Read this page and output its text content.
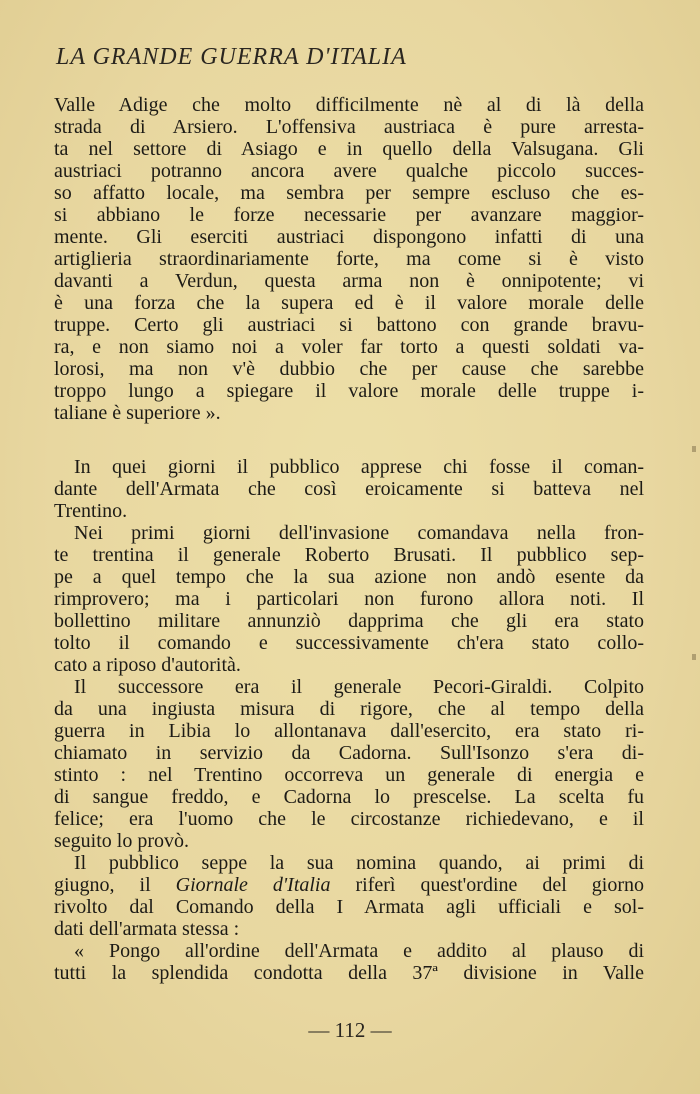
LA GRANDE GUERRA D'ITALIA
Valle Adige che molto difficilmente nè al di là della
strada di Arsiero. L'offensiva austriaca è pure arresta-
ta nel settore di Asiago e in quello della Valsugana. Gli
austriaci potranno ancora avere qualche piccolo succes-
so affatto locale, ma sembra per sempre escluso che es-
si abbiano le forze necessarie per avanzare maggior-
mente. Gli eserciti austriaci dispongono infatti di una
artiglieria straordinariamente forte, ma come si è visto
davanti a Verdun, questa arma non è onnipotente; vi
è una forza che la supera ed è il valore morale delle
truppe. Certo gli austriaci si battono con grande bravu-
ra, e non siamo noi a voler far torto a questi soldati va-
lorosi, ma non v'è dubbio che per cause che sarebbe
troppo lungo a spiegare il valore morale delle truppe i-
taliane è superiore ».
In quei giorni il pubblico apprese chi fosse il coman-
dante dell'Armata che così eroicamente si batteva nel
Trentino.
Nei primi giorni dell'invasione comandava nella fron-
te trentina il generale Roberto Brusati. Il pubblico sep-
pe a quel tempo che la sua azione non andò esente da
rimprovero; ma i particolari non furono allora noti. Il
bollettino militare annunziò dapprima che gli era stato
tolto il comando e successivamente ch'era stato collo-
cato a riposo d'autorità.
Il successore era il generale Pecori-Giraldi. Colpito
da una ingiusta misura di rigore, che al tempo della
guerra in Libia lo allontanava dall'esercito, era stato ri-
chiamato in servizio da Cadorna. Sull'Isonzo s'era di-
stinto : nel Trentino occorreva un generale di energia e
di sangue freddo, e Cadorna lo prescelse. La scelta fu
felice; era l'uomo che le circostanze richiedevano, e il
seguito lo provò.
Il pubblico seppe la sua nomina quando, ai primi di
giugno, il Giornale d'Italia riferì quest'ordine del giorno
rivolto dal Comando della I Armata agli ufficiali e sol-
dati dell'armata stessa :
« Pongo all'ordine dell'Armata e addito al plauso di
tutti la splendida condotta della 37ª divisione in Valle
— 112 —
